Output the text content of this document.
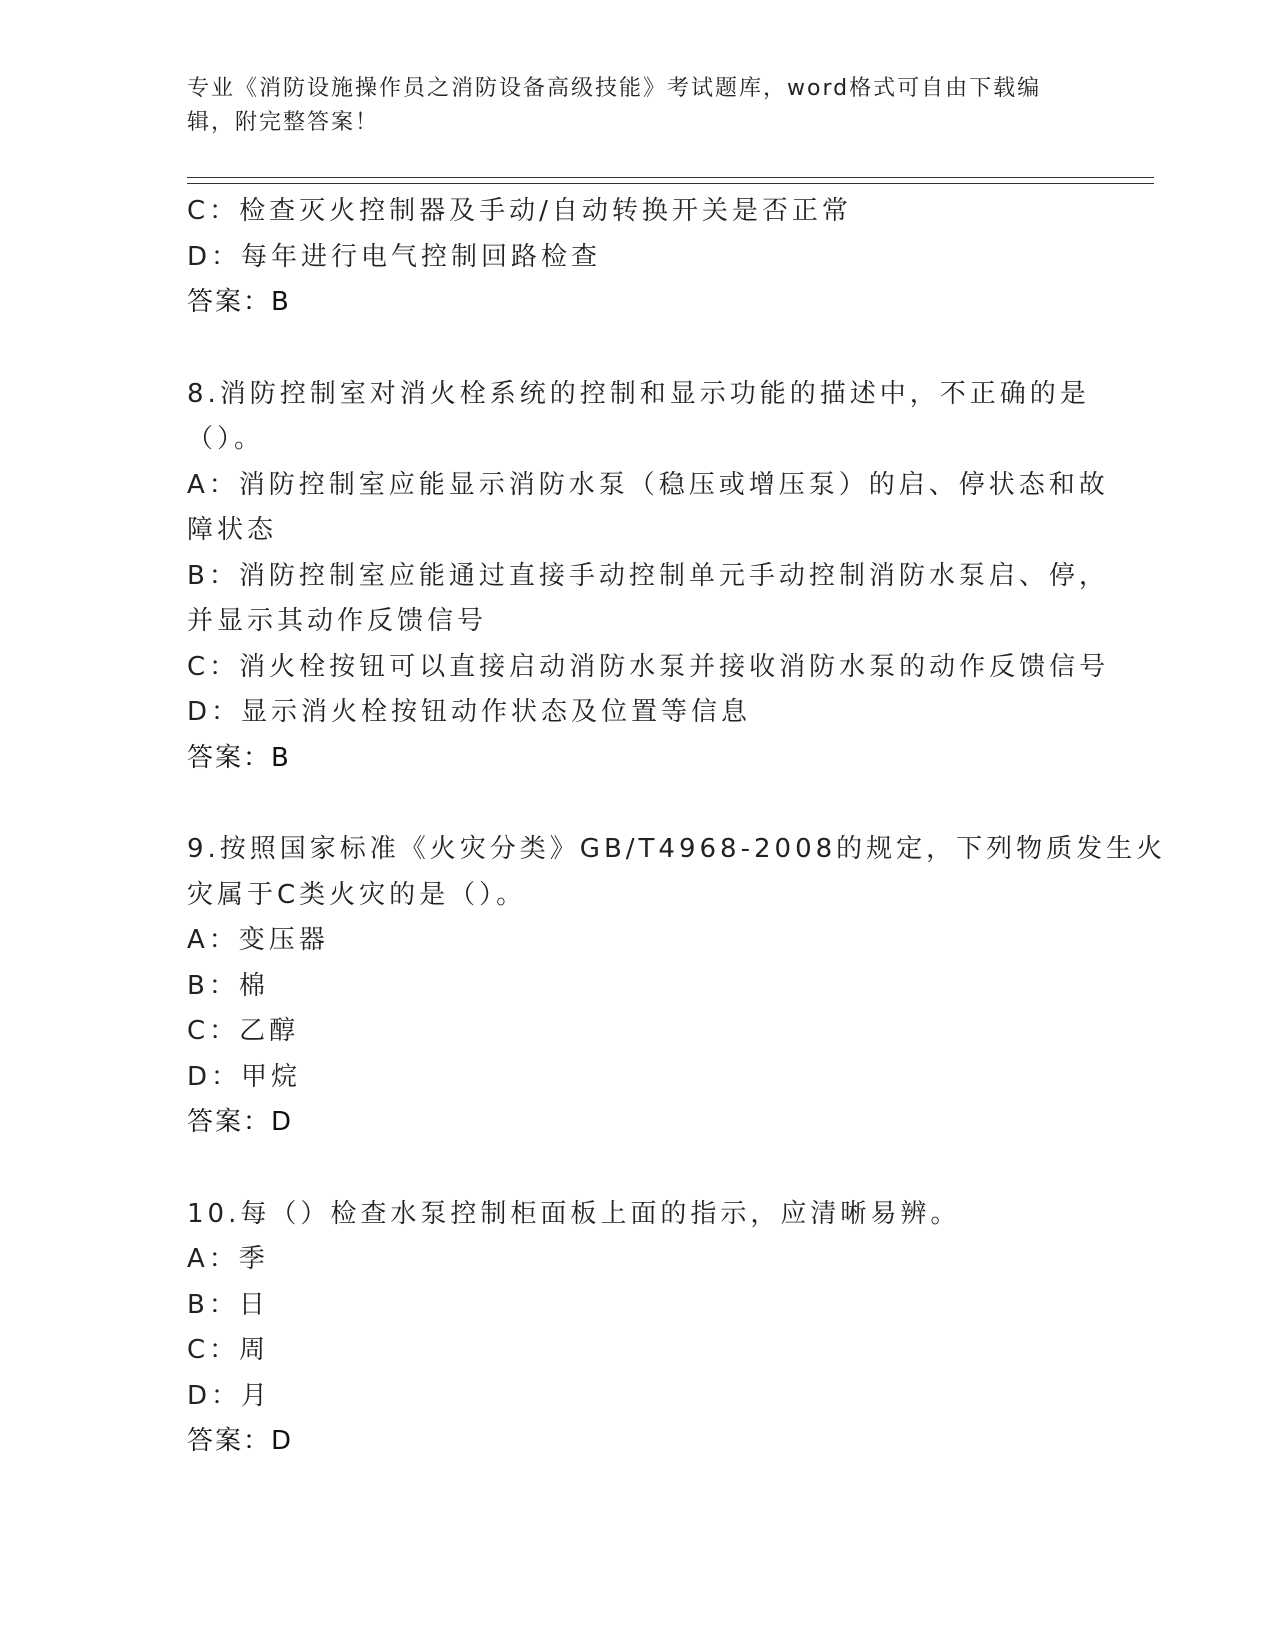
专业《消防设施操作员之消防设备高级技能》考试题库，word格式可自由下载编
辑，附完整答案！
C：检查灭火控制器及手动/自动转换开关是否正常
D：每年进行电气控制回路检查
答案：B
8.消防控制室对消火栓系统的控制和显示功能的描述中，不正确的是
（）。
A：消防控制室应能显示消防水泵（稳压或增压泵）的启、停状态和故
障状态
B：消防控制室应能通过直接手动控制单元手动控制消防水泵启、停，
并显示其动作反馈信号
C：消火栓按钮可以直接启动消防水泵并接收消防水泵的动作反馈信号
D：显示消火栓按钮动作状态及位置等信息
答案：B
9.按照国家标准《火灾分类》GB/T4968-2008的规定，下列物质发生火
灾属于C类火灾的是（）。
A：变压器
B：棉
C：乙醇
D：甲烷
答案：D
10.每（）检查水泵控制柜面板上面的指示，应清晰易辨。
A：季
B：日
C：周
D：月
答案：D
